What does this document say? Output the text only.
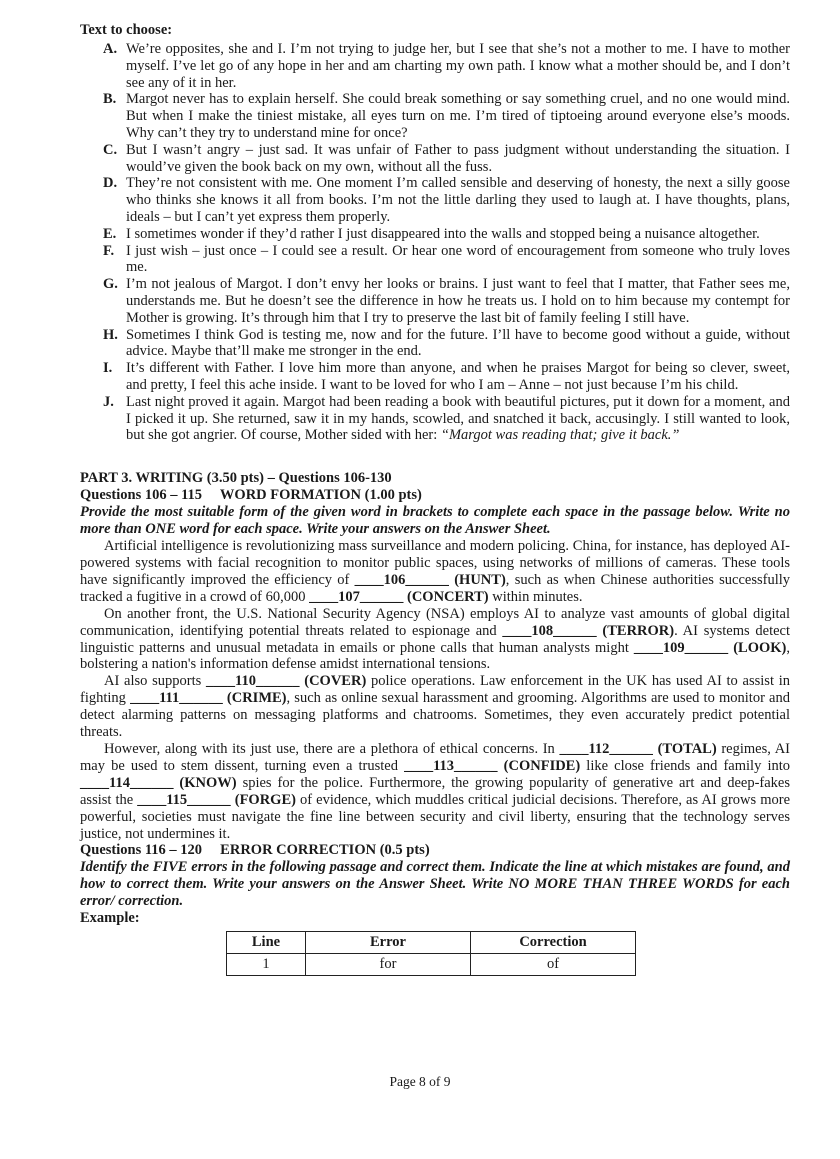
Text to choose:
A. We’re opposites, she and I. I’m not trying to judge her, but I see that she’s not a mother to me. I have to mother myself. I’ve let go of any hope in her and am charting my own path. I know what a mother should be, and I don’t see any of it in her.
B. Margot never has to explain herself. She could break something or say something cruel, and no one would mind. But when I make the tiniest mistake, all eyes turn on me. I’m tired of tiptoeing around everyone else’s moods. Why can’t they try to understand mine for once?
C. But I wasn’t angry – just sad. It was unfair of Father to pass judgment without understanding the situation. I would’ve given the book back on my own, without all the fuss.
D. They’re not consistent with me. One moment I’m called sensible and deserving of honesty, the next a silly goose who thinks she knows it all from books. I’m not the little darling they used to laugh at. I have thoughts, plans, ideals – but I can’t yet express them properly.
E. I sometimes wonder if they’d rather I just disappeared into the walls and stopped being a nuisance altogether.
F. I just wish – just once – I could see a result. Or hear one word of encouragement from someone who truly loves me.
G. I’m not jealous of Margot. I don’t envy her looks or brains. I just want to feel that I matter, that Father sees me, understands me. But he doesn’t see the difference in how he treats us. I hold on to him because my contempt for Mother is growing. It’s through him that I try to preserve the last bit of family feeling I still have.
H. Sometimes I think God is testing me, now and for the future. I’ll have to become good without a guide, without advice. Maybe that’ll make me stronger in the end.
I. It’s different with Father. I love him more than anyone, and when he praises Margot for being so clever, sweet, and pretty, I feel this ache inside. I want to be loved for who I am – Anne – not just because I’m his child.
J. Last night proved it again. Margot had been reading a book with beautiful pictures, put it down for a moment, and I picked it up. She returned, saw it in my hands, scowled, and snatched it back, accusingly. I still wanted to look, but she got angrier. Of course, Mother sided with her: “Margot was reading that; give it back.”
PART 3. WRITING (3.50 pts) – Questions 106-130
Questions 106 – 115     WORD FORMATION (1.00 pts)
Provide the most suitable form of the given word in brackets to complete each space in the passage below. Write no more than ONE word for each space. Write your answers on the Answer Sheet.

Artificial intelligence is revolutionizing mass surveillance and modern policing. China, for instance, has deployed AI-powered systems with facial recognition to monitor public spaces, using networks of millions of cameras. These tools have significantly improved the efficiency of ____106______ (HUNT), such as when Chinese authorities successfully tracked a fugitive in a crowd of 60,000 ____107______ (CONCERT) within minutes.

On another front, the U.S. National Security Agency (NSA) employs AI to analyze vast amounts of global digital communication, identifying potential threats related to espionage and ____108______ (TERROR). AI systems detect linguistic patterns and unusual metadata in emails or phone calls that human analysts might ____109______ (LOOK), bolstering a nation's information defense amidst international tensions.

AI also supports ____110______ (COVER) police operations. Law enforcement in the UK has used AI to assist in fighting ____111______ (CRIME), such as online sexual harassment and grooming. Algorithms are used to monitor and detect alarming patterns on messaging platforms and chatrooms. Sometimes, they even accurately predict potential threats.

However, along with its just use, there are a plethora of ethical concerns. In ____112______ (TOTAL) regimes, AI may be used to stem dissent, turning even a trusted ____113______ (CONFIDE) like close friends and family into ____114______ (KNOW) spies for the police. Furthermore, the growing popularity of generative art and deep-fakes assist the ____115______ (FORGE) of evidence, which muddles critical judicial decisions. Therefore, as AI grows more powerful, societies must navigate the fine line between security and civil liberty, ensuring that the technology serves justice, not undermines it.

Questions 116 – 120     ERROR CORRECTION (0.5 pts)
Identify the FIVE errors in the following passage and correct them. Indicate the line at which mistakes are found, and how to correct them. Write your answers on the Answer Sheet. Write NO MORE THAN THREE WORDS for each error/ correction.
Example:
Line	Error	Correction
1	for	of
Page 8 of 9
